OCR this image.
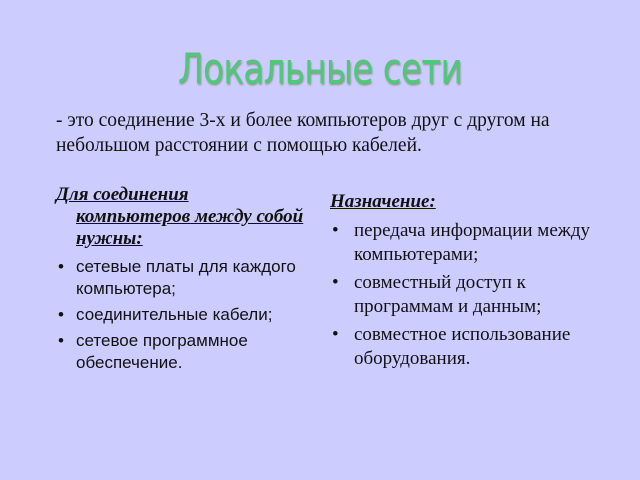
Локальные сети
- это соединение 3-х и более компьютеров друг с другом на небольшом расстоянии с помощью кабелей.
Для соединения компьютеров между собой нужны:
• сетевые платы для каждого компьютера;
• соединительные кабели;
• сетевое программное обеспечение.
Назначение:
• передача информации между компьютерами;
• совместный доступ к программам и данным;
• совместное использование оборудования.
